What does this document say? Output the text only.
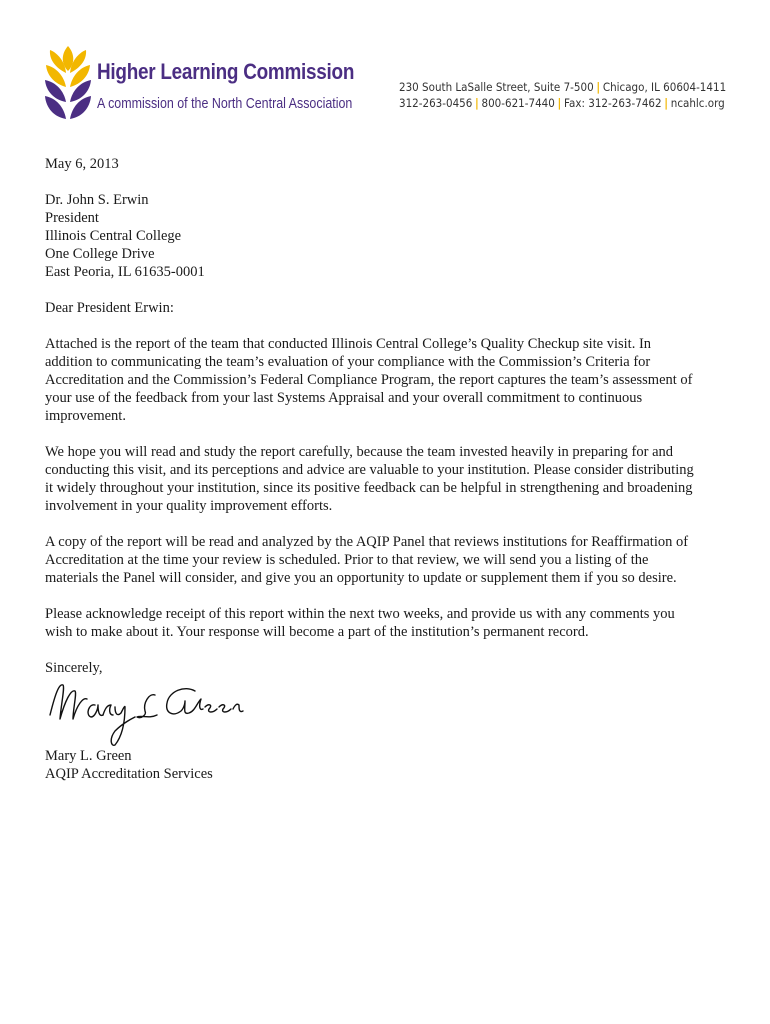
Higher Learning Commission
A commission of the North Central Association
230 South LaSalle Street, Suite 7-500 | Chicago, IL 60604-1411
312-263-0456 | 800-621-7440 | Fax: 312-263-7462 | ncahlc.org

May 6, 2013

Dr. John S. Erwin
President
Illinois Central College
One College Drive
East Peoria, IL 61635-0001

Dear President Erwin:

Attached is the report of the team that conducted Illinois Central College’s Quality Checkup site visit. In
addition to communicating the team’s evaluation of your compliance with the Commission’s Criteria for
Accreditation and the Commission’s Federal Compliance Program, the report captures the team’s assessment of
your use of the feedback from your last Systems Appraisal and your overall commitment to continuous
improvement.
We hope you will read and study the report carefully, because the team invested heavily in preparing for and
conducting this visit, and its perceptions and advice are valuable to your institution. Please consider distributing
it widely throughout your institution, since its positive feedback can be helpful in strengthening and broadening
involvement in your quality improvement efforts.
A copy of the report will be read and analyzed by the AQIP Panel that reviews institutions for Reaffirmation of
Accreditation at the time your review is scheduled. Prior to that review, we will send you a listing of the
materials the Panel will consider, and give you an opportunity to update or supplement them if you so desire.
Please acknowledge receipt of this report within the next two weeks, and provide us with any comments you
wish to make about it. Your response will become a part of the institution’s permanent record.

Sincerely,

Mary L. Green
AQIP Accreditation Services
